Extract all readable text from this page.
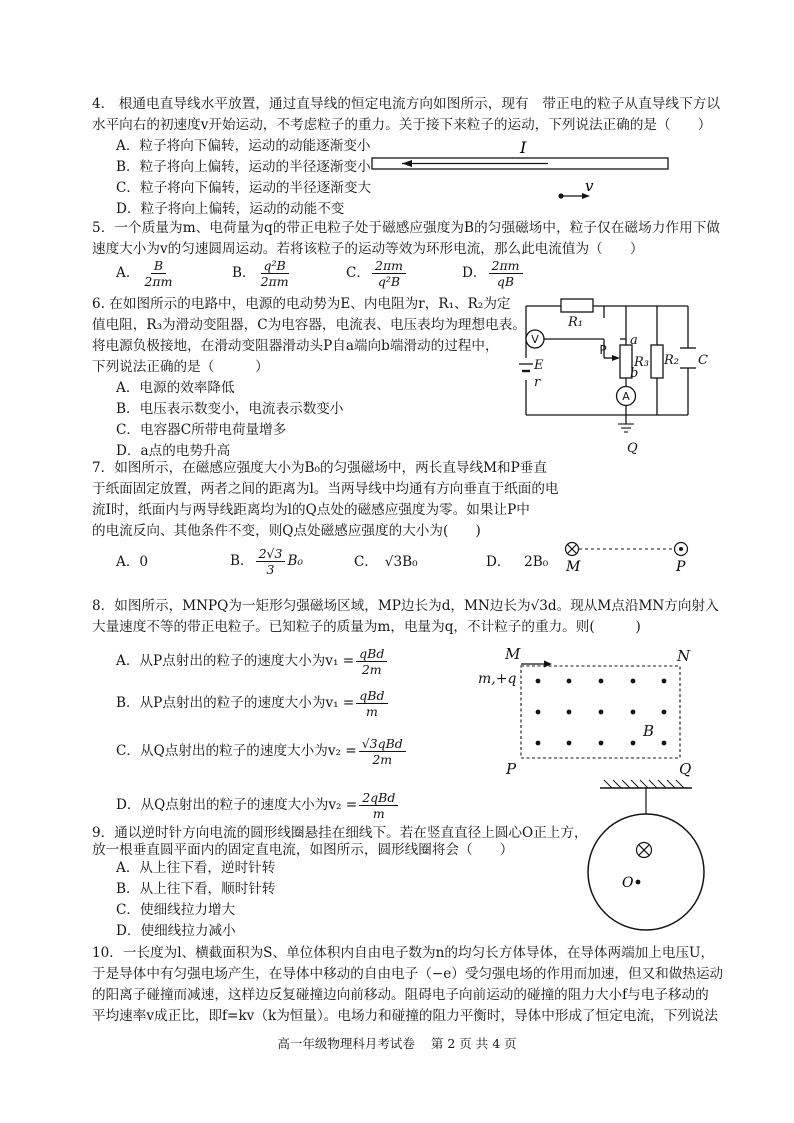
4.　根通电直导线水平放置，通过直导线的恒定电流方向如图所示，现有　带正电的粒子从直导线下方以水平向右的初速度v开始运动，不考虑粒子的重力。关于接下来粒子的运动，下列说法正确的是（　　）
A．粒子将向下偏转，运动的动能逐渐变小
B．粒子将向上偏转，运动的半径逐渐变小
C．粒子将向下偏转，运动的半径逐渐变大
D．粒子将向上偏转，运动的动能不变
I
v
5．一个质量为m、电荷量为q的带正电粒子处于磁感应强度为B的匀强磁场中，粒子仅在磁场力作用下做速度大小为v的匀速圆周运动。若将该粒子的运动等效为环形电流，那么此电流值为（　　）
A． $\frac{B}{2\pi m}$	B． $\frac{\text{q²B}}{2\pi m}$	C． $\frac{2\pi m}{\text{q²B}}$	D． $\frac{2\pi m}{qB}$
6. 在如图所示的电路中，电源的电动势为E、内电阻为r，R₁、R₂为定
值电阻，R₃为滑动变阻器，C为电容器，电流表、电压表均为理想电表。
将电源负极接地，在滑动变阻器滑动头P自a端向b端滑动的过程中，
下列说法正确的是（　　　）
A．电源的效率降低
B．电压表示数变小，电流表示数变小
C．电容器C所带电荷量增多
D．a点的电势升高
R₁
R₃ R₂ C
E
r
a
b
Q
V
A
P
7．如图所示，在磁感应强度大小为B₀的匀强磁场中，两长直导线M和P垂直
于纸面固定放置，两者之间的距离为l。当两导线中均通有方向垂直于纸面的电
流I时，纸面内与两导线距离均为l的Q点处的磁感应强度为零。如果让P中
的电流反向、其他条件不变，则Q点处磁感应强度的大小为(　　)
A．0	B． $\frac{2√3}{3} B_0$	C．　√3B₀	D． 2B₀ M	P
8．如图所示，MNPQ为一矩形匀强磁场区域，MP边长为d，MN边长为√3d。现从M点沿MN方向射入
大量速度不等的带正电粒子。已知粒子的质量为m，电量为q，不计粒子的重力。则(　　　)
A．从P点射出的粒子的速度大小为$v_1 = \frac{\text{qBd}}{2m}$
B．从P点射出的粒子的速度大小为$v_1 = \frac{\text{qBd}}{m}$
C．从Q点射出的粒子的速度大小为$v_2 = \frac{\text{√3qBd}}{2m}$
D．从Q点射出的粒子的速度大小为$v_2 = \frac{\text{2qBd}}{m}$
M	N
P	Q
B
m,+q
9．通以逆时针方向电流的圆形线圈悬挂在细线下。若在竖直直径上圆心O正上方，
放一根垂直圆平面内的固定直电流，如图所示，圆形线圈将会（　　）
A．从上往下看，逆时针转
B．从上往下看，顺时针转
C．使细线拉力增大
D．使细线拉力减小
O
10．一长度为l、横截面积为S、单位体积内自由电子数为n的均匀长方体导体，在导体两端加上电压U，
于是导体中有匀强电场产生，在导体中移动的自由电子（−e）受匀强电场的作用而加速，但又和做热运动
的阳离子碰撞而减速，这样边反复碰撞边向前移动。阻碍电子向前运动的碰撞的阻力大小f与电子移动的
平均速率v成正比，即f=kv（k为恒量）。电场力和碰撞的阻力平衡时，导体中形成了恒定电流，下列说法
高一年级物理科月考试卷 第 2 页 共 4 页
